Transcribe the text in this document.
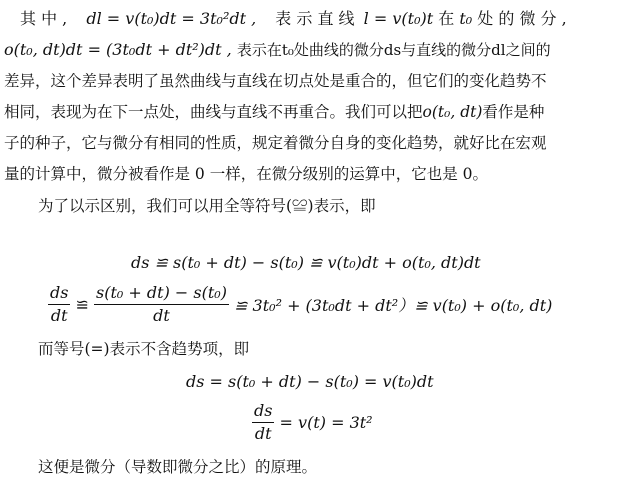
其 中 , dl = v(t₀)dt = 3t₀²dt , 表 示 直 线 l = v(t₀)t 在 t₀ 处 的 微 分 ,
o(t₀, dt)dt = (3t₀dt + dt²)dt , 表示在t₀处曲线的微分ds与直线的微分dl之间的
差异，这个差异表明了虽然曲线与直线在切点处是重合的，但它们的变化趋势不
相同，表现为在下一点处，曲线与直线不再重合。我们可以把o(t₀, dt)看作是种
子的种子，它与微分有相同的性质，规定着微分自身的变化趋势，就好比在宏观
量的计算中，微分被看作是 0 一样，在微分级别的运算中，它也是 0。
为了以示区别，我们可以用全等符号(≌)表示，即
ds ≌ s(t₀ + dt) − s(t₀) ≌ v(t₀)dt + o(t₀, dt)dt
$\frac{ds}{dt}$ ≌ $\frac{\text{s(t₀ + dt) − s(t₀)}}{dt}$ ≌ 3t₀² + (3t₀dt + dt²）≌ v(t₀) + o(t₀, dt)
而等号(=)表示不含趋势项，即
ds = s(t₀ + dt) − s(t₀) = v(t₀)dt
$\frac{ds}{dt} = v(t) = 3t^2$
这便是微分（导数即微分之比）的原理。
